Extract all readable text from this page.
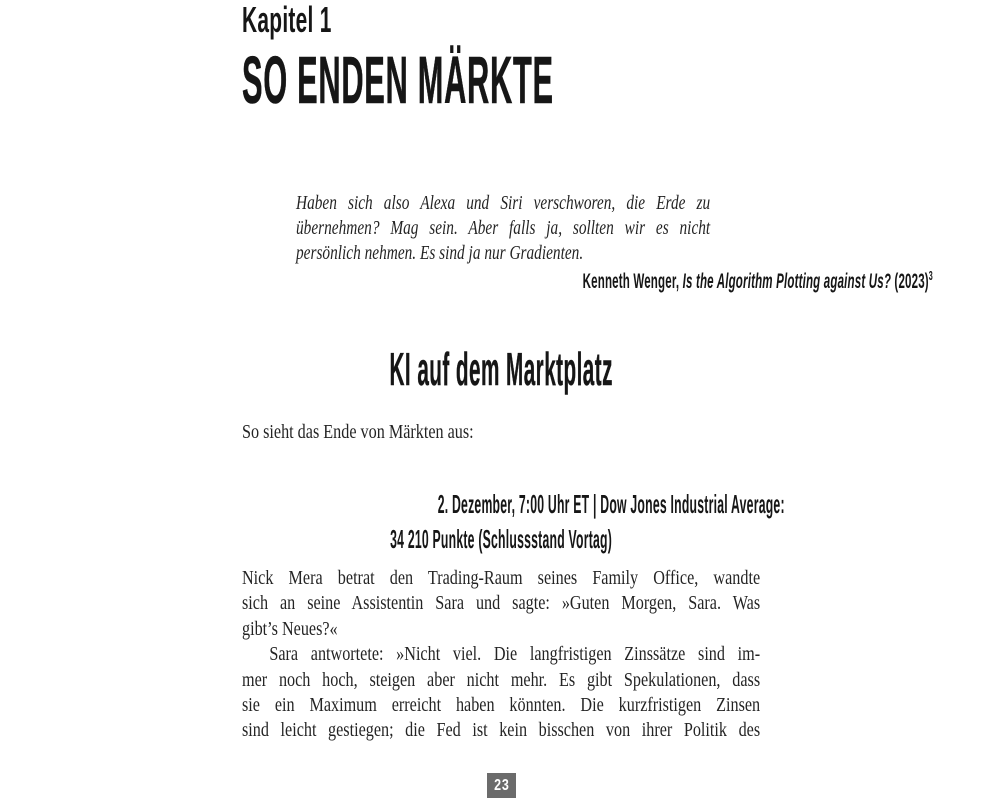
Kapitel 1
SO ENDEN MÄRKTE
Haben sich also Alexa und Siri verschworen, die Erde zu
übernehmen? Mag sein. Aber falls ja, sollten wir es nicht
persönlich nehmen. Es sind ja nur Gradienten.
Kenneth Wenger, Is the Algorithm Plotting against Us? $(2023)^3$
KI auf dem Marktplatz
So sieht das Ende von Märkten aus:
2. Dezember, 7:00 Uhr ET | Dow Jones Industrial Average:
34 210 Punkte (Schlussstand Vortag)
Nick Mera betrat den Trading-Raum seines Family Office, wandte
sich an seine Assistentin Sara und sagte: »Guten Morgen, Sara. Was
gibt’s Neues?«
Sara antwortete: »Nicht viel. Die langfristigen Zinssätze sind im-
mer noch hoch, steigen aber nicht mehr. Es gibt Spekulationen, dass
sie ein Maximum erreicht haben könnten. Die kurzfristigen Zinsen
sind leicht gestiegen; die Fed ist kein bisschen von ihrer Politik des
23
